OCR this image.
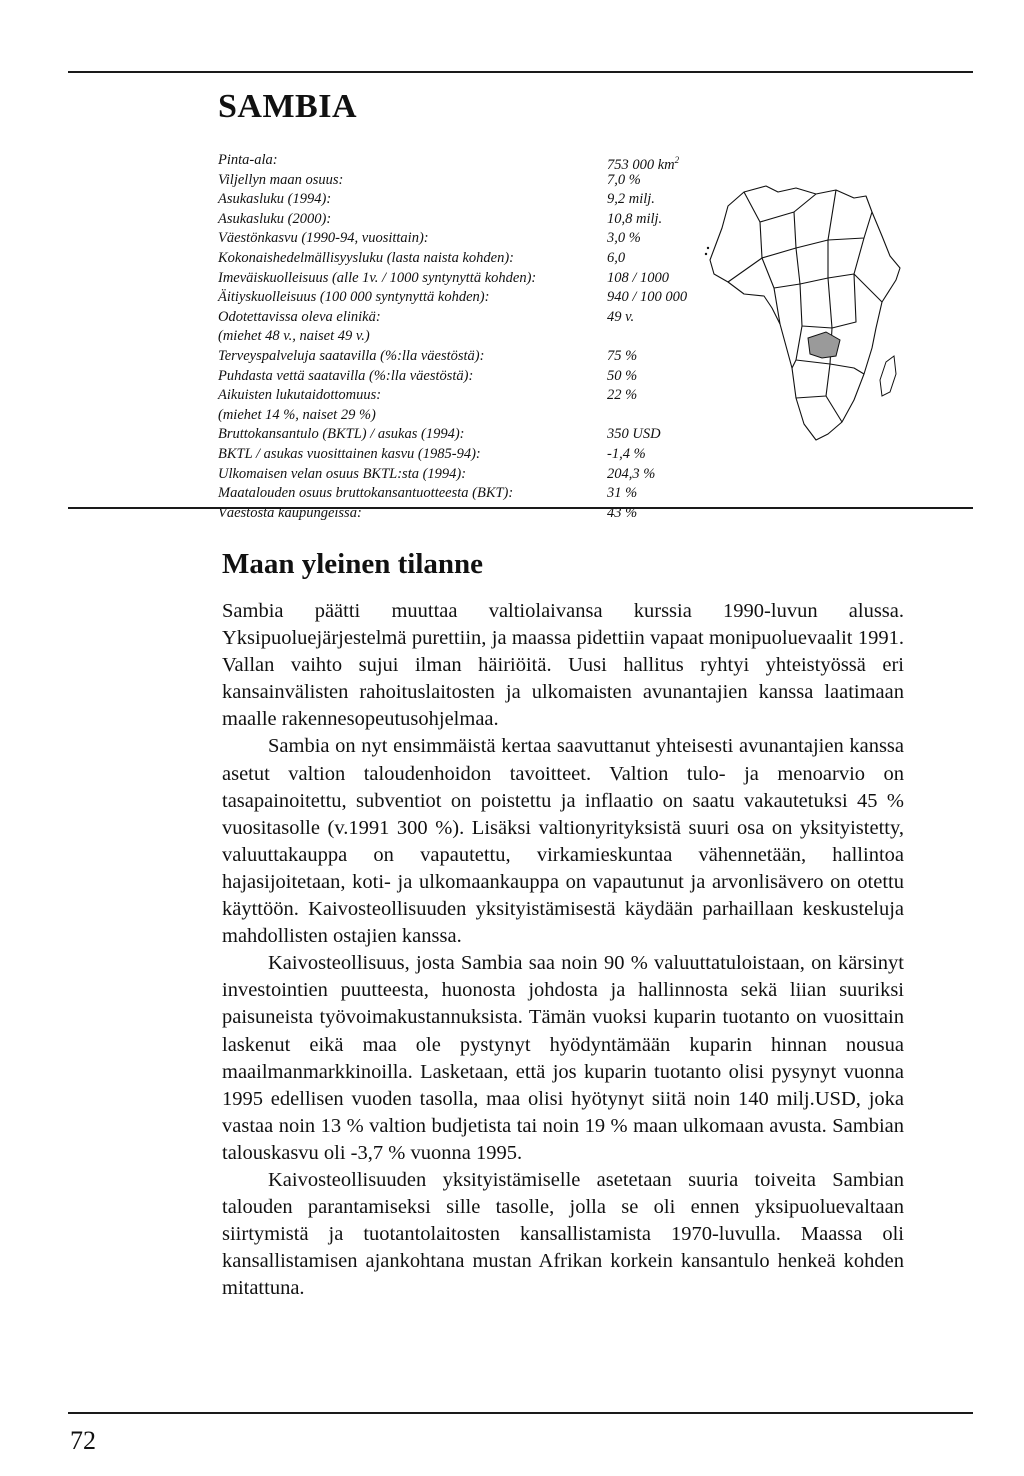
SAMBIA
Pinta-ala:	753 000 $km^2$
Viljellyn maan osuus:	7,0 %
Asukasluku (1994):	9,2 milj.
Asukasluku (2000):	10,8 milj.
Väestönkasvu (1990-94, vuosittain):	3,0 %
Kokonaishedelmällisyysluku (lasta naista kohden):	6,0
Imeväiskuolleisuus (alle 1v. / 1000 syntynyttä kohden):	108 / 1000
Äitiyskuolleisuus (100 000 syntynyttä kohden):	940 / 100 000
Odotettavissa oleva elinikä:	49 v.
(miehet 48 v., naiset 49 v.)
Terveyspalveluja saatavilla (%:lla väestöstä):	75 %
Puhdasta vettä saatavilla (%:lla väestöstä):	50 %
Aikuisten lukutaidottomuus:	22 %
(miehet 14 %, naiset 29 %)
Bruttokansantulo (BKTL) / asukas (1994):	350 USD
BKTL / asukas vuosittainen kasvu (1985-94):	-1,4 %
Ulkomaisen velan osuus BKTL:sta (1994):	204,3 %
Maatalouden osuus bruttokansantuotteesta (BKT):	31 %
Väestöstä kaupungeissa:	43 %
Maan yleinen tilanne

Sambia päätti muuttaa valtiolaivansa kurssia 1990-luvun alussa. Yksipuoluejärjestelmä purettiin, ja maassa pidettiin vapaat monipuoluevaalit 1991. Vallan vaihto sujui ilman häiriöitä. Uusi hallitus ryhtyi yhteistyössä eri kansainvälisten rahoituslaitosten ja ulkomaisten avunantajien kanssa laatimaan maalle rakennesopeutusohjelmaa.

Sambia on nyt ensimmäistä kertaa saavuttanut yhteisesti avunantajien kanssa asetut valtion taloudenhoidon tavoitteet. Valtion tulo- ja menoarvio on tasapainoitettu, subventiot on poistettu ja inflaatio on saatu vakautetuksi 45 % vuositasolle (v.1991 300 %). Lisäksi valtionyrityksistä suuri osa on yksityistetty, valuuttakauppa on vapautettu, virkamieskuntaa vähennetään, hallintoa hajasijoitetaan, koti- ja ulkomaankauppa on vapautunut ja arvonlisävero on otettu käyttöön. Kaivosteollisuuden yksityistämisestä käydään parhaillaan keskusteluja mahdollisten ostajien kanssa.

Kaivosteollisuus, josta Sambia saa noin 90 % valuuttatuloistaan, on kärsinyt investointien puutteesta, huonosta johdosta ja hallinnosta sekä liian suuriksi paisuneista työvoimakustannuksista. Tämän vuoksi kuparin tuotanto on vuosittain laskenut eikä maa ole pystynyt hyödyntämään kuparin hinnan nousua maailmanmarkkinoilla. Lasketaan, että jos kuparin tuotanto olisi pysynyt vuonna 1995 edellisen vuoden tasolla, maa olisi hyötynyt siitä noin 140 milj.USD, joka vastaa noin 13 % valtion budjetista tai noin 19 % maan ulkomaan avusta. Sambian talouskasvu oli -3,7 % vuonna 1995.

Kaivosteollisuuden yksityistämiselle asetetaan suuria toiveita Sambian talouden parantamiseksi sille tasolle, jolla se oli ennen yksipuoluevaltaan siirtymistä ja tuotantolaitosten kansallistamista 1970-luvulla. Maassa oli kansallistamisen ajankohtana mustan Afrikan korkein kansantulo henkeä kohden mitattuna.

72
